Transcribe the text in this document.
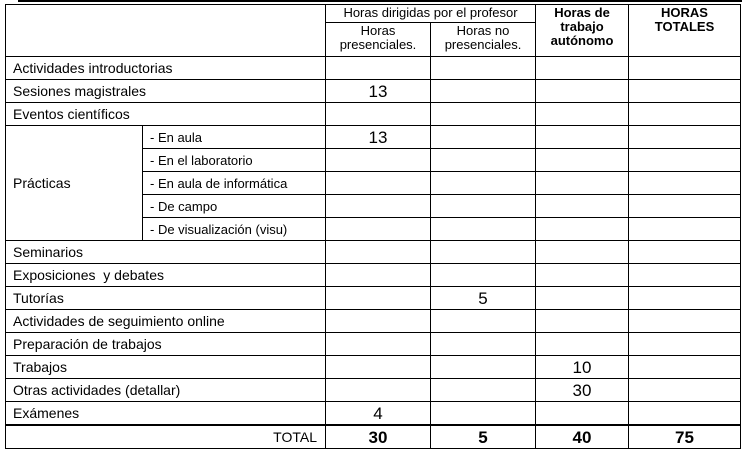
		Horas dirigidas por el profesor		Horas de trabajo autónomo	HORAS TOTALES
		Horas presenciales.	Horas no presenciales.		
Actividades introductorias					
Sesiones magistrales		13			
Eventos científicos					
Prácticas	- En aula	13			
	- En el laboratorio				
	- En aula de informática				
	- De campo				
	- De visualización (visu)				
Seminarios					
Exposiciones  y debates					
Tutorías			5		
Actividades de seguimiento online					
Preparación de trabajos					
Trabajos				10	
Otras actividades (detallar)				30	
Exámenes		4			
TOTAL		30	5	40	75
